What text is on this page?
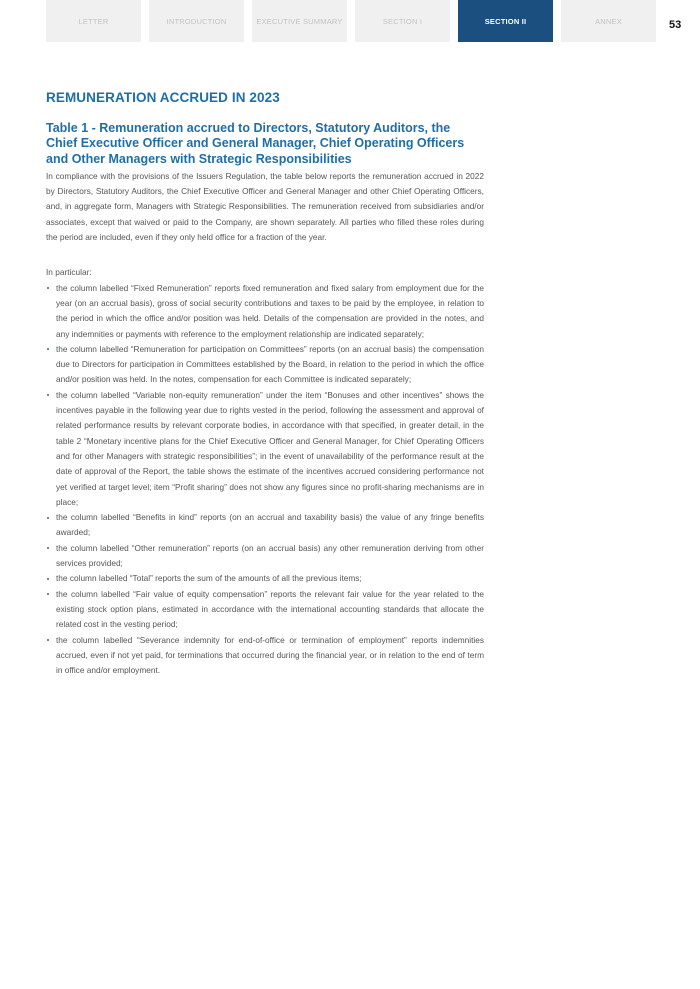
LETTER	INTRODUCTION	EXECUTIVE SUMMARY	SECTION I	SECTION II	ANNEX	53
REMUNERATION ACCRUED IN 2023
Table 1 - Remuneration accrued to Directors, Statutory Auditors, the Chief Executive Officer and General Manager, Chief Operating Officers and Other Managers with Strategic Responsibilities

In compliance with the provisions of the Issuers Regulation, the table below reports the remuneration accrued in 2022 by Directors, Statutory Auditors, the Chief Executive Officer and General Manager and other Chief Operating Officers, and, in aggregate form, Managers with Strategic Responsibilities. The remuneration received from subsidiaries and/or associates, except that waived or paid to the Company, are shown separately. All parties who filled these roles during the period are included, even if they only held office for a fraction of the year.

In particular:

the column labelled “Fixed Remuneration” reports fixed remuneration and fixed salary from employment due for the year (on an accrual basis), gross of social security contributions and taxes to be paid by the employee, in relation to the period in which the office and/or position was held. Details of the compensation are provided in the notes, and any indemnities or payments with reference to the employment relationship are indicated separately;
the column labelled “Remuneration for participation on Committees” reports (on an accrual basis) the compensation due to Directors for participation in Committees established by the Board, in relation to the period in which the office and/or position was held. In the notes, compensation for each Committee is indicated separately;
the column labelled “Variable non-equity remuneration” under the item “Bonuses and other incentives” shows the incentives payable in the following year due to rights vested in the period, following the assessment and approval of related performance results by relevant corporate bodies, in accordance with that specified, in greater detail, in the table 2 “Monetary incentive plans for the Chief Executive Officer and General Manager, for Chief Operating Officers and for other Managers with strategic responsibilities”; in the event of unavailability of the performance result at the date of approval of the Report, the table shows the estimate of the incentives accrued considering performance not yet verified at target level; item “Profit sharing” does not show any figures since no profit-sharing mechanisms are in place;
the column labelled “Benefits in kind” reports (on an accrual and taxability basis) the value of any fringe benefits awarded;
the column labelled “Other remuneration” reports (on an accrual basis) any other remuneration deriving from other services provided;
the column labelled “Total” reports the sum of the amounts of all the previous items;
the column labelled “Fair value of equity compensation” reports the relevant fair value for the year related to the existing stock option plans, estimated in accordance with the international accounting standards that allocate the related cost in the vesting period;
the column labelled “Severance indemnity for end-of-office or termination of employment” reports indemnities accrued, even if not yet paid, for terminations that occurred during the financial year, or in relation to the end of term in office and/or employment.
